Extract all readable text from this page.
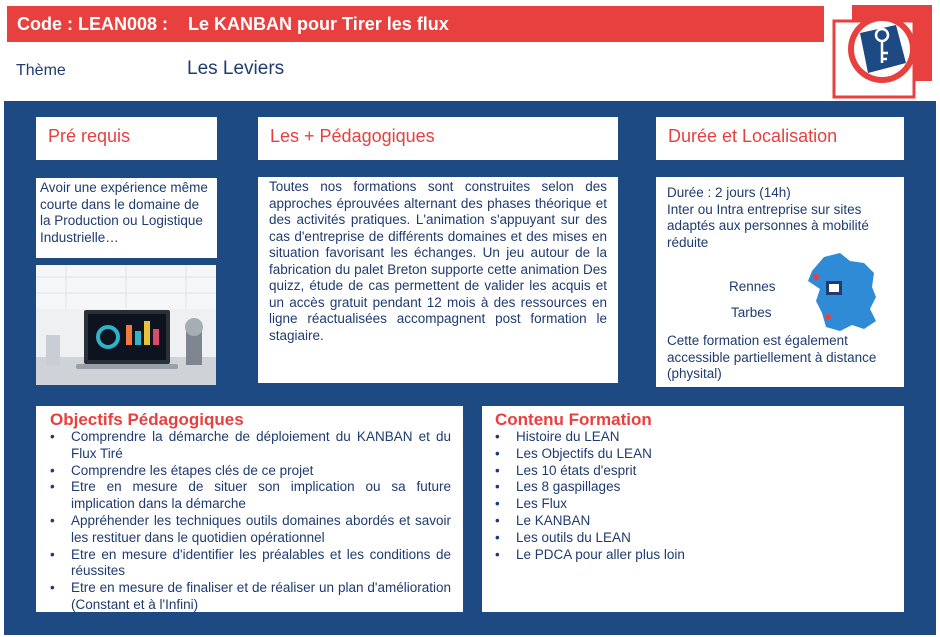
Code : LEAN008 :    Le KANBAN pour Tirer les flux
Thème	Les Leviers
Pré requis
Avoir une expérience même courte dans le domaine de la Production ou Logistique Industrielle…
Les + Pédagogiques
Toutes nos formations sont construites selon des approches éprouvées alternant des phases théorique et des activités pratiques. L'animation s'appuyant sur des cas d'entreprise de différents domaines et des mises en situation favorisant les échanges. Un jeu autour de la fabrication du palet Breton supporte cette animation Des quizz, étude de cas permettent de valider les acquis et un accès gratuit pendant 12 mois à des ressources en ligne réactualisées accompagnent post formation le stagiaire.
Durée et Localisation
Durée : 2 jours (14h)
Inter ou Intra entreprise sur sites adaptés aux personnes à mobilité réduite
Rennes
Tarbes
Cette formation est également accessible partiellement à distance (physital)
Objectifs Pédagogiques
• Comprendre la démarche de déploiement du KANBAN et du Flux Tiré
• Comprendre les étapes clés de ce projet
• Etre en mesure de situer son implication ou sa future implication dans la démarche
• Appréhender les techniques outils domaines abordés et savoir les restituer dans le quotidien opérationnel
• Etre en mesure d'identifier les préalables et les conditions de réussites
• Etre en mesure de finaliser et de réaliser un plan d'amélioration (Constant et à l'Infini)
Contenu Formation
• Histoire du LEAN
• Les Objectifs du LEAN
• Les 10 états d'esprit
• Les 8 gaspillages
• Les Flux
• Le KANBAN
• Les outils du LEAN
• Le PDCA pour aller plus loin
